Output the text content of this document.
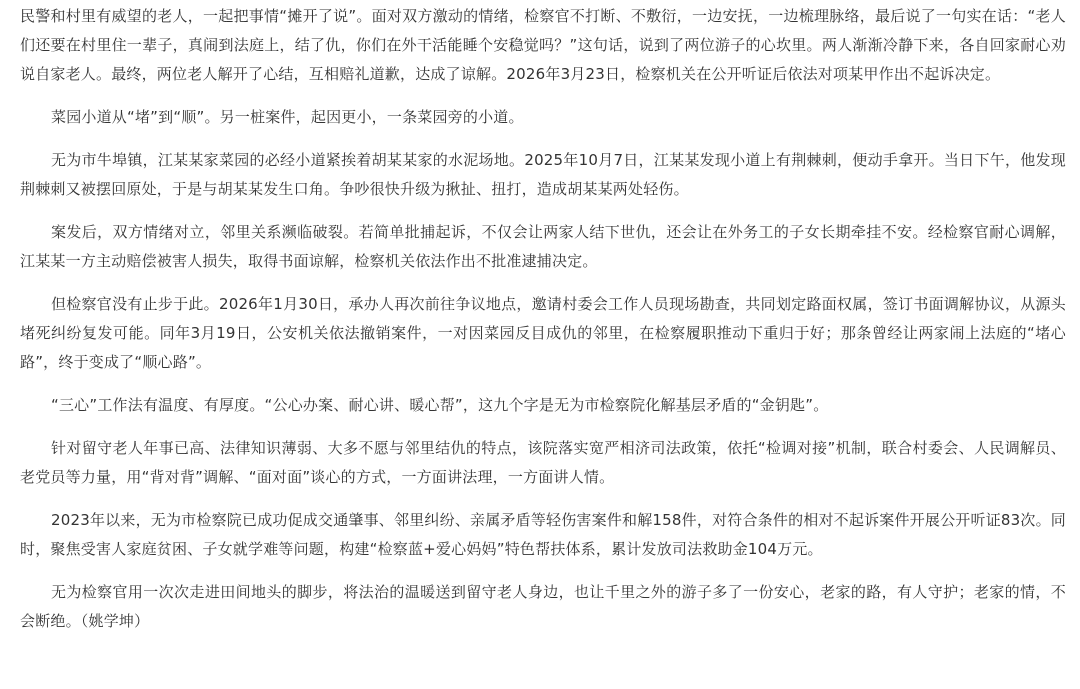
民警和村里有威望的老人，一起把事情“摊开了说”。面对双方激动的情绪，检察官不打断、不敷衍，一边安抚，一边梳理脉络，最后说了一句实在话：“老人们还要在村里住一辈子，真闹到法庭上，结了仇，你们在外干活能睡个安稳觉吗？”这句话，说到了两位游子的心坎里。两人渐渐冷静下来，各自回家耐心劝说自家老人。最终，两位老人解开了心结，互相赔礼道歉，达成了谅解。2026年3月23日，检察机关在公开听证后依法对项某甲作出不起诉决定。

菜园小道从“堵”到“顺”。另一桩案件，起因更小，一条菜园旁的小道。

无为市牛埠镇，江某某家菜园的必经小道紧挨着胡某某家的水泥场地。2025年10月7日，江某某发现小道上有荆棘刺，便动手拿开。当日下午，他发现荆棘刺又被摆回原处，于是与胡某某发生口角。争吵很快升级为揪扯、扭打，造成胡某某两处轻伤。

案发后，双方情绪对立，邻里关系濒临破裂。若简单批捕起诉，不仅会让两家人结下世仇，还会让在外务工的子女长期牵挂不安。经检察官耐心调解，江某某一方主动赔偿被害人损失，取得书面谅解，检察机关依法作出不批准逮捕决定。

但检察官没有止步于此。2026年1月30日，承办人再次前往争议地点，邀请村委会工作人员现场勘查，共同划定路面权属，签订书面调解协议，从源头堵死纠纷复发可能。同年3月19日，公安机关依法撤销案件，一对因菜园反目成仇的邻里，在检察履职推动下重归于好；那条曾经让两家闹上法庭的“堵心路”，终于变成了“顺心路”。

“三心”工作法有温度、有厚度。“公心办案、耐心讲、暖心帮”，这九个字是无为市检察院化解基层矛盾的“金钥匙”。

针对留守老人年事已高、法律知识薄弱、大多不愿与邻里结仇的特点，该院落实宽严相济司法政策，依托“检调对接”机制，联合村委会、人民调解员、老党员等力量，用“背对背”调解、“面对面”谈心的方式，一方面讲法理，一方面讲人情。

2023年以来，无为市检察院已成功促成交通肇事、邻里纠纷、亲属矛盾等轻伤害案件和解158件，对符合条件的相对不起诉案件开展公开听证83次。同时，聚焦受害人家庭贫困、子女就学难等问题，构建“检察蓝+爱心妈妈”特色帮扶体系，累计发放司法救助金104万元。

无为检察官用一次次走进田间地头的脚步，将法治的温暖送到留守老人身边，也让千里之外的游子多了一份安心，老家的路，有人守护；老家的情，不会断绝。（姚学坤）
